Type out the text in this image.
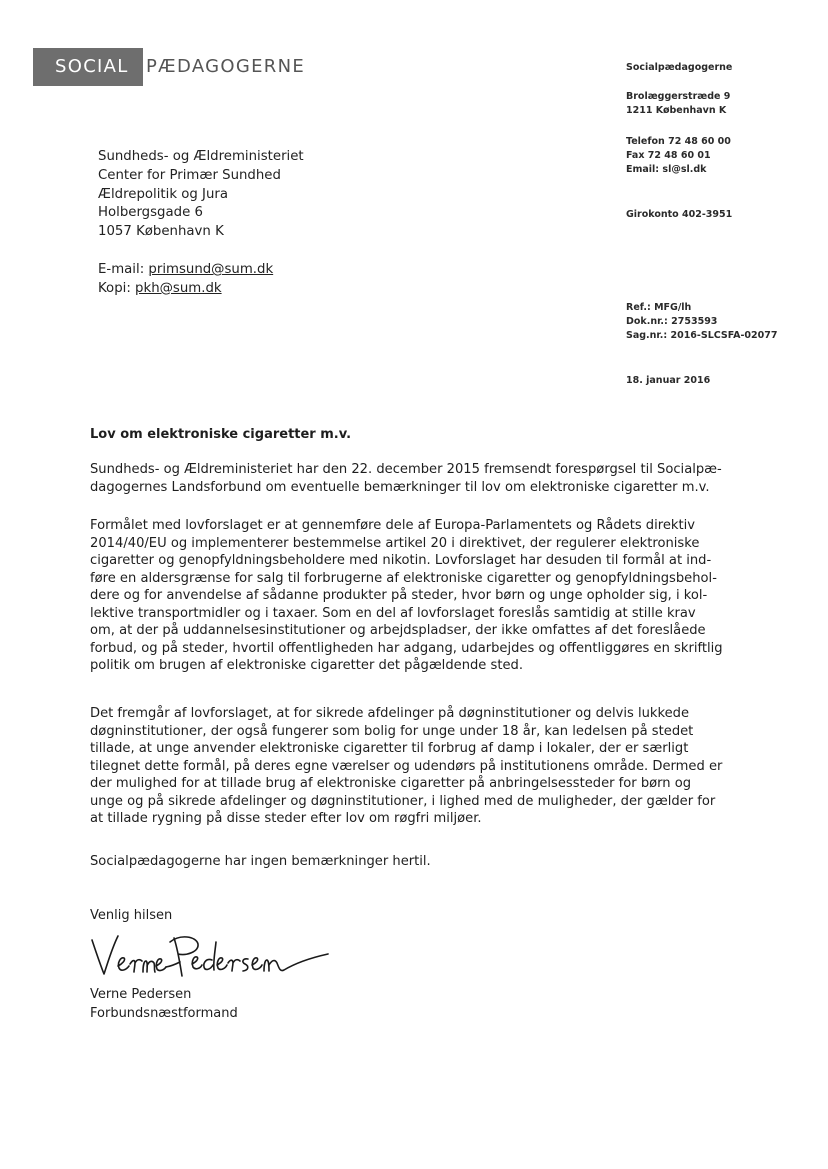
SOCIAL PÆDAGOGERNE	Socialpædagogerne
Brolæggerstræde 9
1211 København K
Telefon 72 48 60 00
Fax 72 48 60 01
Email: sl@sl.dk
Girokonto 402-3951
Ref.: MFG/lh
Dok.nr.: 2753593
Sag.nr.: 2016-SLCSFA-02077
18. januar 2016
Sundheds- og Ældreministeriet
Center for Primær Sundhed
Ældrepolitik og Jura
Holbergsgade 6
1057 København K
E-mail: primsund@sum.dk
Kopi: pkh@sum.dk
Lov om elektroniske cigaretter m.v.
Sundheds- og Ældreministeriet har den 22. december 2015 fremsendt forespørgsel til Socialpæ-
dagogernes Landsforbund om eventuelle bemærkninger til lov om elektroniske cigaretter m.v.
Formålet med lovforslaget er at gennemføre dele af Europa-Parlamentets og Rådets direktiv
2014/40/EU og implementerer bestemmelse artikel 20 i direktivet, der regulerer elektroniske
cigaretter og genopfyldningsbeholdere med nikotin. Lovforslaget har desuden til formål at ind-
føre en aldersgrænse for salg til forbrugerne af elektroniske cigaretter og genopfyldningsbehol-
dere og for anvendelse af sådanne produkter på steder, hvor børn og unge opholder sig, i kol-
lektive transportmidler og i taxaer. Som en del af lovforslaget foreslås samtidig at stille krav
om, at der på uddannelsesinstitutioner og arbejdspladser, der ikke omfattes af det foreslåede
forbud, og på steder, hvortil offentligheden har adgang, udarbejdes og offentliggøres en skriftlig
politik om brugen af elektroniske cigaretter det pågældende sted.
Det fremgår af lovforslaget, at for sikrede afdelinger på døgninstitutioner og delvis lukkede
døgninstitutioner, der også fungerer som bolig for unge under 18 år, kan ledelsen på stedet
tillade, at unge anvender elektroniske cigaretter til forbrug af damp i lokaler, der er særligt
tilegnet dette formål, på deres egne værelser og udendørs på institutionens område. Dermed er
der mulighed for at tillade brug af elektroniske cigaretter på anbringelsessteder for børn og
unge og på sikrede afdelinger og døgninstitutioner, i lighed med de muligheder, der gælder for
at tillade rygning på disse steder efter lov om røgfri miljøer.
Socialpædagogerne har ingen bemærkninger hertil.
Venlig hilsen
Verne Pedersen
Verne Pedersen
Forbundsnæstformand
